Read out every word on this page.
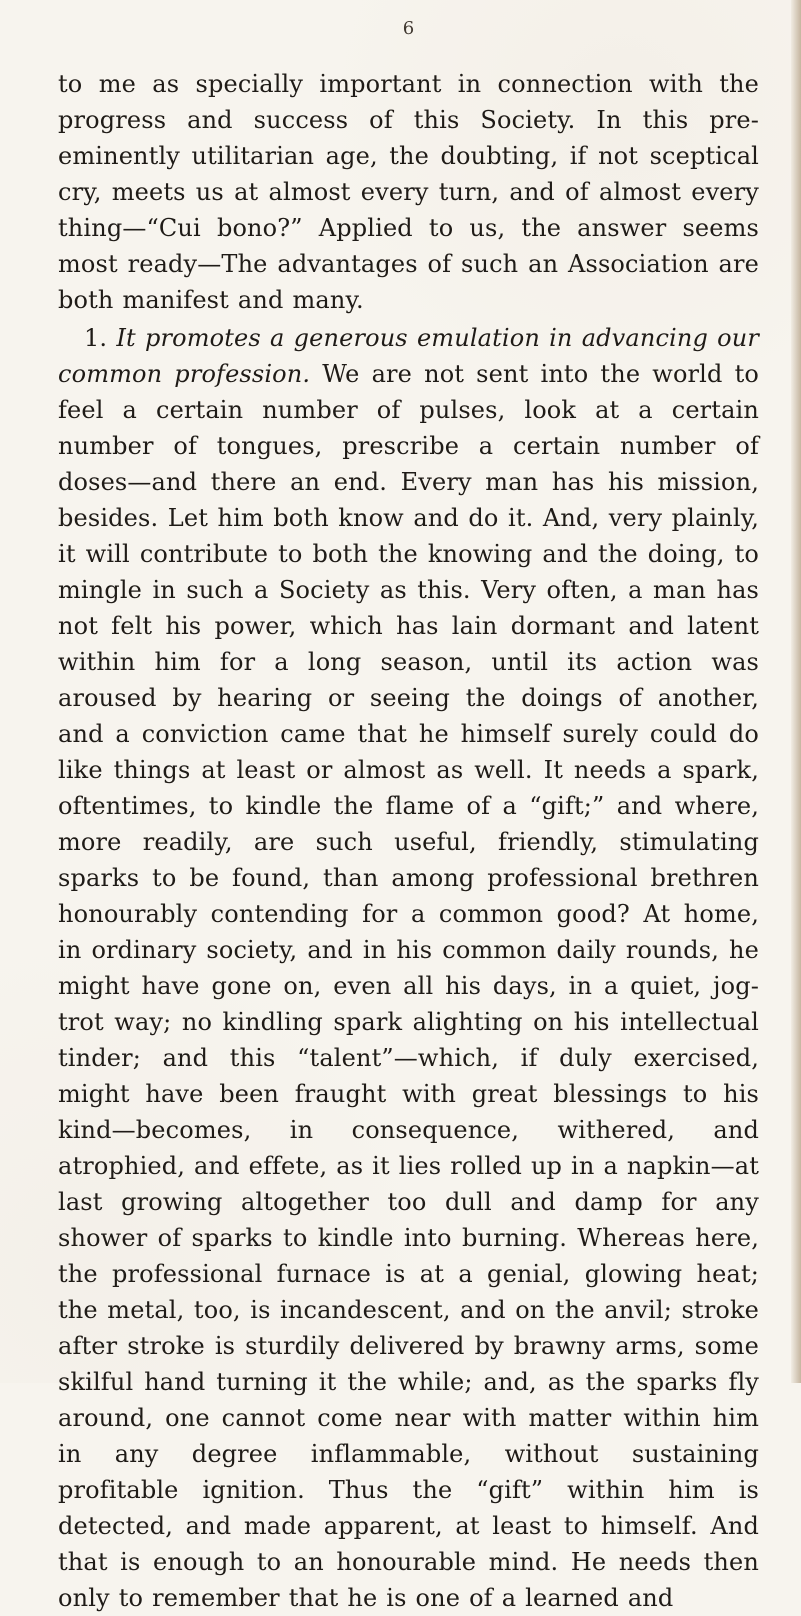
6

to me as specially important in connection with the progress and success of this Society. In this pre-eminently utilitarian age, the doubting, if not sceptical cry, meets us at almost every turn, and of almost every thing—“Cui bono?” Applied to us, the answer seems most ready—The advantages of such an Association are both manifest and many.

1. It promotes a generous emulation in advancing our common profession. We are not sent into the world to feel a certain number of pulses, look at a certain number of tongues, prescribe a certain number of doses—and there an end. Every man has his mission, besides. Let him both know and do it. And, very plainly, it will contribute to both the knowing and the doing, to mingle in such a Society as this. Very often, a man has not felt his power, which has lain dormant and latent within him for a long season, until its action was aroused by hearing or seeing the doings of another, and a conviction came that he himself surely could do like things at least or almost as well. It needs a spark, oftentimes, to kindle the flame of a “gift;” and where, more readily, are such useful, friendly, stimulating sparks to be found, than among professional brethren honourably contending for a common good? At home, in ordinary society, and in his common daily rounds, he might have gone on, even all his days, in a quiet, jog-trot way; no kindling spark alighting on his intellectual tinder; and this “talent”—which, if duly exercised, might have been fraught with great blessings to his kind—becomes, in consequence, withered, and atrophied, and effete, as it lies rolled up in a napkin—at last growing altogether too dull and damp for any shower of sparks to kindle into burning. Whereas here, the professional furnace is at a genial, glowing heat; the metal, too, is incandescent, and on the anvil; stroke after stroke is sturdily delivered by brawny arms, some skilful hand turning it the while; and, as the sparks fly around, one cannot come near with matter within him in any degree inflammable, without sustaining profitable ignition. Thus the “gift” within him is detected, and made apparent, at least to himself. And that is enough to an honourable mind. He needs then only to remember that he is one of a learned and
